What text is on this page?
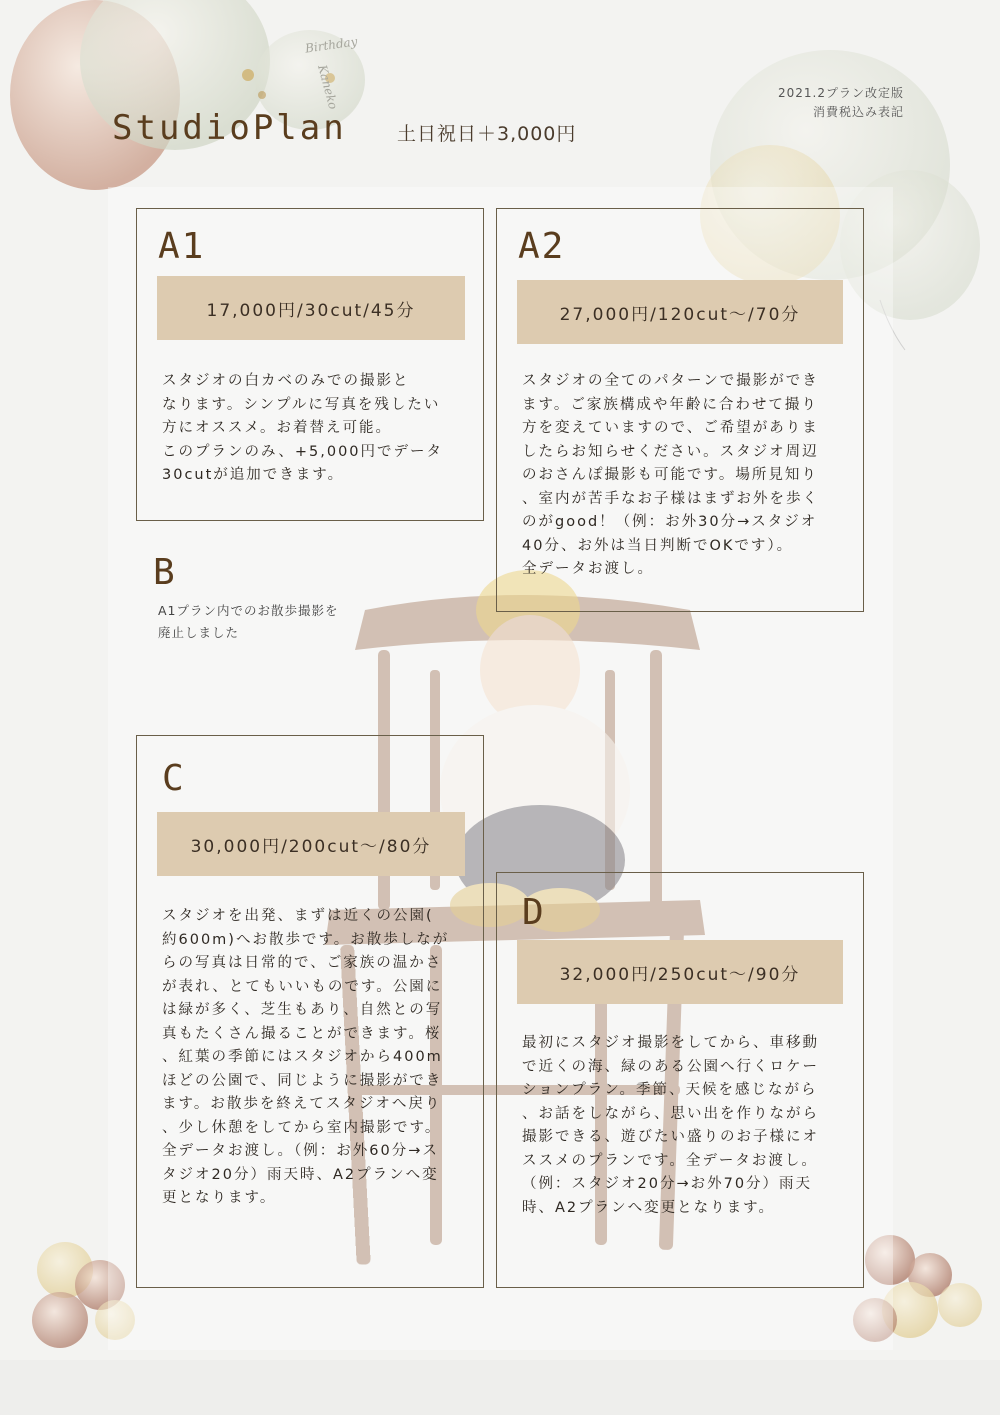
Birthday
Kaneko
StudioPlan	土日祝日＋3,000円
2021.2プラン改定版
消費税込み表記
A1
17,000円/30cut/45分
スタジオの白カベのみでの撮影と
なります。シンプルに写真を残したい
方にオススメ。お着替え可能。
このプランのみ、+5,000円でデータ
30cutが追加できます。
A2
27,000円/120cut～/70分
スタジオの全てのパターンで撮影ができ
ます。ご家族構成や年齢に合わせて撮り
方を変えていますので、ご希望がありま
したらお知らせください。スタジオ周辺
のおさんぽ撮影も可能です。場所見知り
、室内が苦手なお子様はまずお外を歩く
のがgood！（例：お外30分→スタジオ
40分、お外は当日判断でOKです）。
全データお渡し。
B
A1プラン内でのお散歩撮影を
廃止しました
C
30,000円/200cut～/80分
スタジオを出発、まずは近くの公園(
約600m)へお散歩です。お散歩しなが
らの写真は日常的で、ご家族の温かさ
が表れ、とてもいいものです。公園に
は緑が多く、芝生もあり、自然との写
真もたくさん撮ることができます。桜
、紅葉の季節にはスタジオから400m
ほどの公園で、同じように撮影ができ
ます。お散歩を終えてスタジオへ戻り
、少し休憩をしてから室内撮影です。
全データお渡し。（例：お外60分→ス
タジオ20分）雨天時、A2プランへ変
更となります。
D
32,000円/250cut～/90分
最初にスタジオ撮影をしてから、車移動
で近くの海、緑のある公園へ行くロケー
ションプラン。季節、天候を感じながら
、お話をしながら、思い出を作りながら
撮影できる、遊びたい盛りのお子様にオ
ススメのプランです。全データお渡し。
（例：スタジオ20分→お外70分）雨天
時、A2プランへ変更となります。
